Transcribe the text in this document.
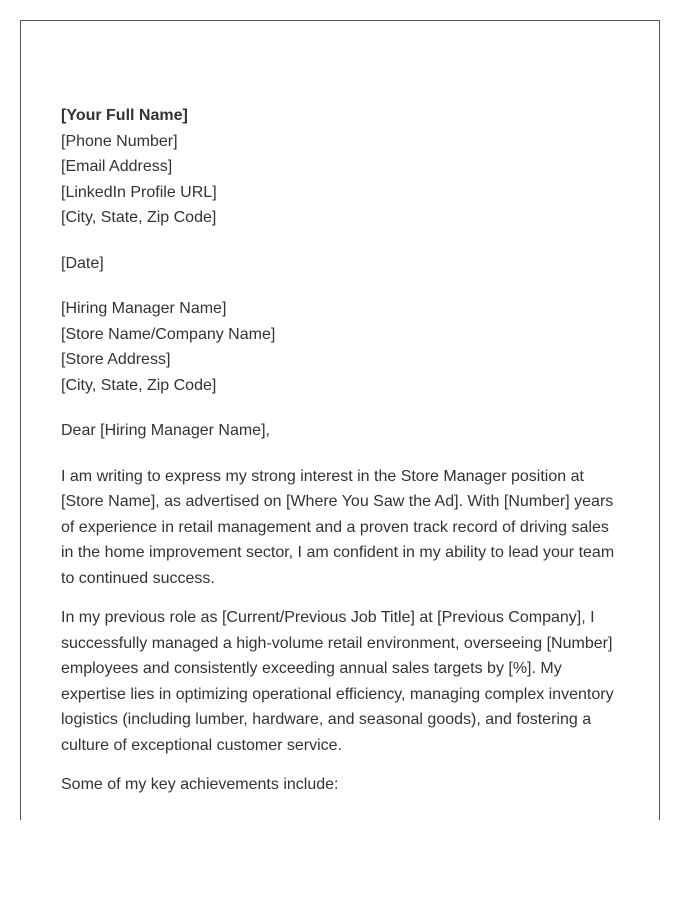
[Your Full Name]
[Phone Number]
[Email Address]
[LinkedIn Profile URL]
[City, State, Zip Code]
[Date]
[Hiring Manager Name]
[Store Name/Company Name]
[Store Address]
[City, State, Zip Code]
Dear [Hiring Manager Name],

I am writing to express my strong interest in the Store Manager position at [Store Name], as advertised on [Where You Saw the Ad]. With [Number] years of experience in retail management and a proven track record of driving sales in the home improvement sector, I am confident in my ability to lead your team to continued success.

In my previous role as [Current/Previous Job Title] at [Previous Company], I successfully managed a high-volume retail environment, overseeing [Number] employees and consistently exceeding annual sales targets by [%]. My expertise lies in optimizing operational efficiency, managing complex inventory logistics (including lumber, hardware, and seasonal goods), and fostering a culture of exceptional customer service.

Some of my key achievements include:
